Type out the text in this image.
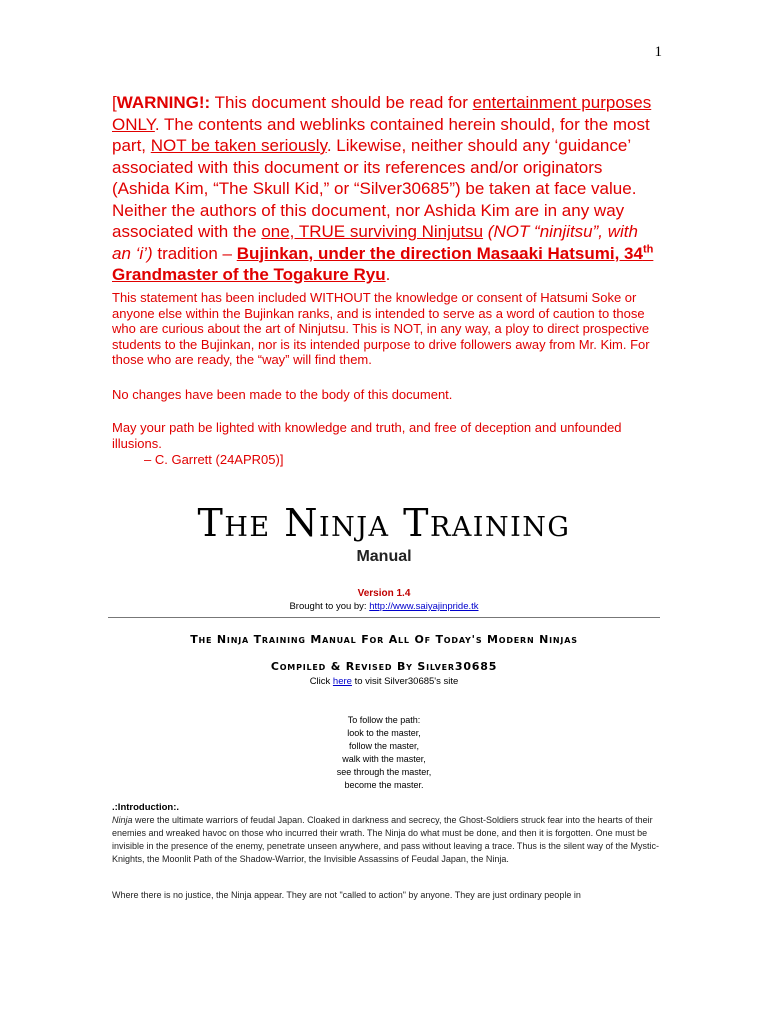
1
[WARNING!: This document should be read for entertainment purposes ONLY. The contents and weblinks contained herein should, for the most part, NOT be taken seriously. Likewise, neither should any ‘guidance’ associated with this document or its references and/or originators (Ashida Kim, “The Skull Kid,” or “Silver30685”) be taken at face value. Neither the authors of this document, nor Ashida Kim are in any way associated with the one, TRUE surviving Ninjutsu (NOT “ninjitsu”, with an ‘i’) tradition – Bujinkan, under the direction Masaaki Hatsumi, 34th Grandmaster of the Togakure Ryu.
This statement has been included WITHOUT the knowledge or consent of Hatsumi Soke or anyone else within the Bujinkan ranks, and is intended to serve as a word of caution to those who are curious about the art of Ninjutsu. This is NOT, in any way, a ploy to direct prospective students to the Bujinkan, nor is its intended purpose to drive followers away from Mr. Kim. For those who are ready, the “way” will find them.
No changes have been made to the body of this document.
May your path be lighted with knowledge and truth, and free of deception and unfounded illusions.
– C. Garrett (24APR05)]
The Ninja Training
Manual
Version 1.4
Brought to you by: http://www.saiyajinpride.tk
The Ninja Training Manual For All Of Today's Modern Ninjas
Compiled & Revised By Silver30685
Click here to visit Silver30685's site
To follow the path:
look to the master,
follow the master,
walk with the master,
see through the master,
become the master.
.:Introduction:.
Ninja were the ultimate warriors of feudal Japan. Cloaked in darkness and secrecy, the Ghost-Soldiers struck fear into the hearts of their enemies and wreaked havoc on those who incurred their wrath. The Ninja do what must be done, and then it is forgotten. One must be invisible in the presence of the enemy, penetrate unseen anywhere, and pass without leaving a trace. Thus is the silent way of the Mystic-Knights, the Moonlit Path of the Shadow-Warrior, the Invisible Assassins of Feudal Japan, the Ninja.
Where there is no justice, the Ninja appear. They are not "called to action" by anyone. They are just ordinary people in
